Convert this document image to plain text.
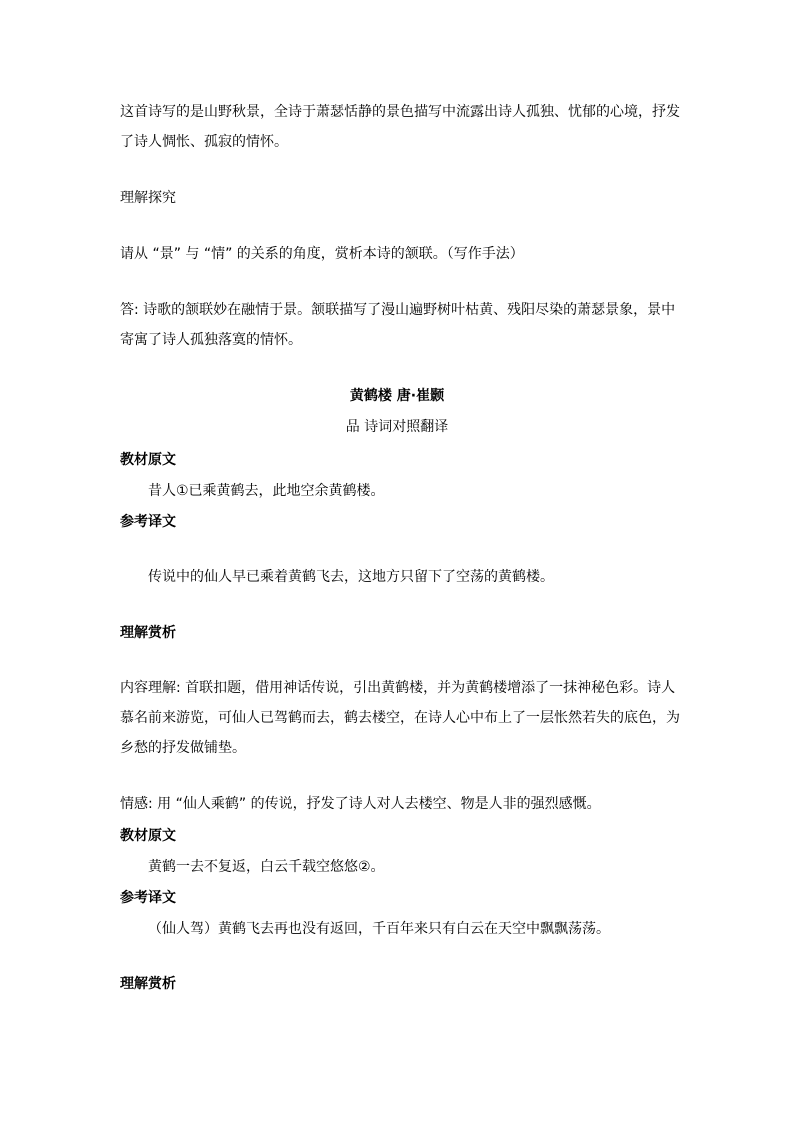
这首诗写的是山野秋景，全诗于萧瑟恬静的景色描写中流露出诗人孤独、忧郁的心境，抒发
了诗人惆怅、孤寂的情怀。
理解探究
请从 “景” 与 “情” 的关系的角度，赏析本诗的颔联。（写作手法）
答: 诗歌的颔联妙在融情于景。颔联描写了漫山遍野树叶枯黄、残阳尽染的萧瑟景象，景中
寄寓了诗人孤独落寞的情怀。
黄鹤楼 唐·崔颢
品 诗词对照翻译
教材原文
昔人①已乘黄鹤去，此地空余黄鹤楼。
参考译文
传说中的仙人早已乘着黄鹤飞去，这地方只留下了空荡的黄鹤楼。
理解赏析
内容理解: 首联扣题，借用神话传说，引出黄鹤楼，并为黄鹤楼增添了一抹神秘色彩。诗人
慕名前来游览，可仙人已驾鹤而去，鹤去楼空，在诗人心中布上了一层怅然若失的底色，为
乡愁的抒发做铺垫。
情感: 用 “仙人乘鹤” 的传说，抒发了诗人对人去楼空、物是人非的强烈感慨。
教材原文
黄鹤一去不复返，白云千载空悠悠②。
参考译文
（仙人驾）黄鹤飞去再也没有返回，千百年来只有白云在天空中飘飘荡荡。
理解赏析
